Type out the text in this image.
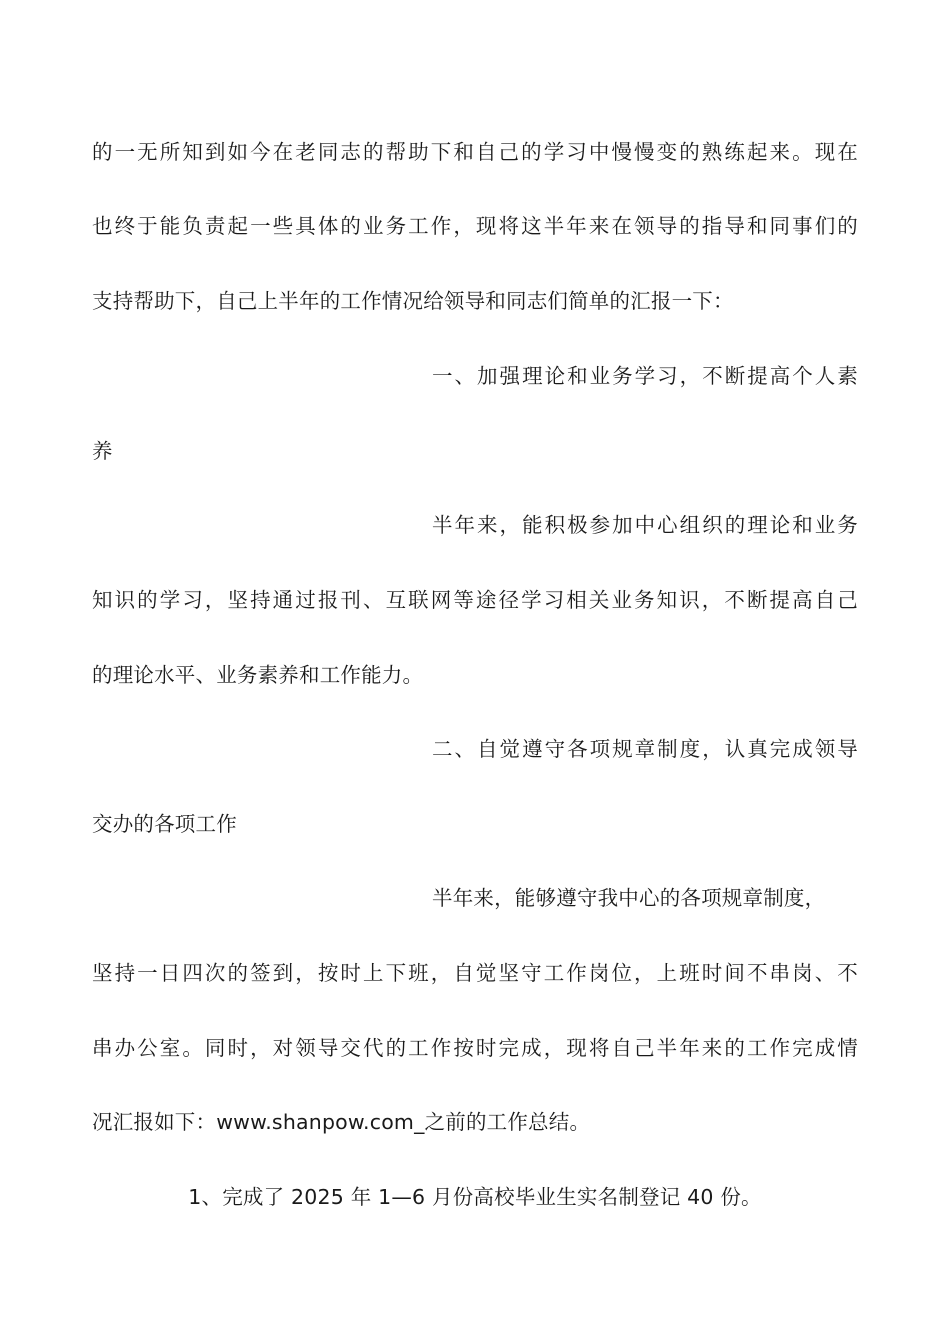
的一无所知到如今在老同志的帮助下和自己的学习中慢慢变的熟练起来。现在
也终于能负责起一些具体的业务工作，现将这半年来在领导的指导和同事们的
支持帮助下，自己上半年的工作情况给领导和同志们简单的汇报一下：
一、加强理论和业务学习，不断提高个人素
养
半年来，能积极参加中心组织的理论和业务
知识的学习，坚持通过报刊、互联网等途径学习相关业务知识，不断提高自己
的理论水平、业务素养和工作能力。
二、自觉遵守各项规章制度，认真完成领导
交办的各项工作
半年来，能够遵守我中心的各项规章制度，
坚持一日四次的签到，按时上下班，自觉坚守工作岗位，上班时间不串岗、不
串办公室。同时，对领导交代的工作按时完成，现将自己半年来的工作完成情
况汇报如下：www.shanpow.com_之前的工作总结。
1、完成了 2025 年 1—6 月份高校毕业生实名制登记 40 份。
